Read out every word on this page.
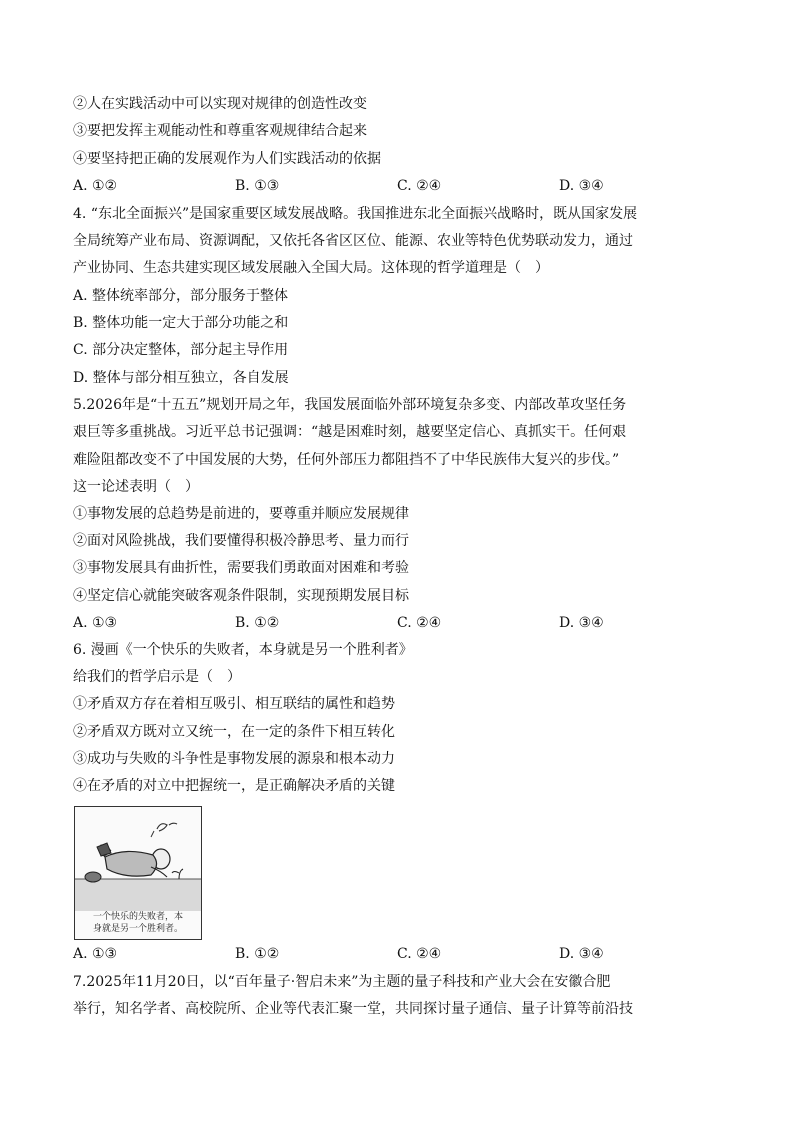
②人在实践活动中可以实现对规律的创造性改变
③要把发挥主观能动性和尊重客观规律结合起来
④要坚持把正确的发展观作为人们实践活动的依据
A. ①②	B. ①③	C. ②④	D. ③④
4. “东北全面振兴”是国家重要区域发展战略。我国推进东北全面振兴战略时，既从国家发展
全局统筹产业布局、资源调配，又依托各省区区位、能源、农业等特色优势联动发力，通过
产业协同、生态共建实现区域发展融入全国大局。这体现的哲学道理是（　）
A. 整体统率部分，部分服务于整体
B. 整体功能一定大于部分功能之和
C. 部分决定整体，部分起主导作用
D. 整体与部分相互独立，各自发展
5.2026年是“十五五”规划开局之年，我国发展面临外部环境复杂多变、内部改革攻坚任务
艰巨等多重挑战。习近平总书记强调：“越是困难时刻，越要坚定信心、真抓实干。任何艰
难险阻都改变不了中国发展的大势，任何外部压力都阻挡不了中华民族伟大复兴的步伐。”
这一论述表明（　）
①事物发展的总趋势是前进的，要尊重并顺应发展规律
②面对风险挑战，我们要懂得积极冷静思考、量力而行
③事物发展具有曲折性，需要我们勇敢面对困难和考验
④坚定信心就能突破客观条件限制，实现预期发展目标
A. ①③	B. ①②	C. ②④	D. ③④
6. 漫画《一个快乐的失败者，本身就是另一个胜利者》
给我们的哲学启示是（　）
①矛盾双方存在着相互吸引、相互联结的属性和趋势
②矛盾双方既对立又统一，在一定的条件下相互转化
③成功与失败的斗争性是事物发展的源泉和根本动力
④在矛盾的对立中把握统一，是正确解决矛盾的关键
一个快乐的失败者，本
身就是另一个胜利者。
A. ①③	B. ①②	C. ②④	D. ③④
7.2025年11月20日，以“百年量子·智启未来”为主题的量子科技和产业大会在安徽合肥
举行，知名学者、高校院所、企业等代表汇聚一堂，共同探讨量子通信、量子计算等前沿技
